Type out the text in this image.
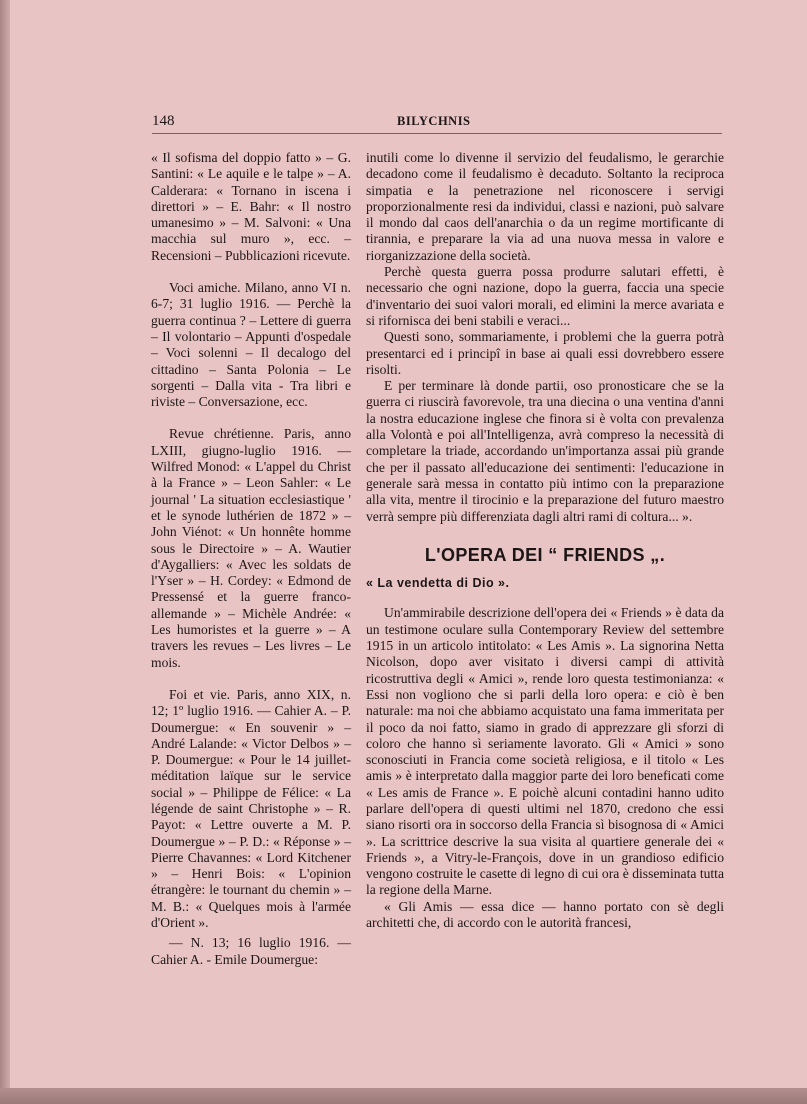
148	BILYCHNIS

« Il sofisma del doppio fatto » – G. Santini: « Le aquile e le talpe » – A. Calderara: « Tornano in iscena i direttori » – E. Bahr: « Il nostro umanesimo » – M. Salvoni: « Una macchia sul muro », ecc. – Recensioni – Pubblicazioni ricevute.

Voci amiche. Milano, anno VI n. 6-7; 31 luglio 1916. — Perchè la guerra continua ? – Lettere di guerra – Il volontario – Appunti d'ospedale – Voci solenni – Il decalogo del cittadino – Santa Polonia – Le sorgenti – Dalla vita - Tra libri e riviste – Conversazione, ecc.

Revue chrétienne. Paris, anno LXIII, giugno-luglio 1916. — Wilfred Monod: « L'appel du Christ à la France » – Leon Sahler: « Le journal ' La situation ecclesiastique ' et le synode luthérien de 1872 » – John Viénot: « Un honnête homme sous le Directoire » – A. Wautier d'Aygalliers: « Avec les soldats de l'Yser » – H. Cordey: « Edmond de Pressensé et la guerre franco-allemande » – Michèle Andrée: « Les humoristes et la guerre » – A travers les revues – Les livres – Le mois.

Foi et vie. Paris, anno XIX, n. 12; 1º luglio 1916. — Cahier A. – P. Doumergue: « En souvenir » – André Lalande: « Victor Delbos » – P. Doumergue: « Pour le 14 juillet-méditation laïque sur le service social » – Philippe de Félice: « La légende de saint Christophe » – R. Payot: « Lettre ouverte a M. P. Doumergue » – P. D.: « Réponse » – Pierre Chavannes: « Lord Kitchener » – Henri Bois: « L'opinion étrangère: le tournant du chemin » – M. B.: « Quelques mois à l'armée d'Orient ».

— N. 13; 16 luglio 1916. — Cahier A. - Emile Doumergue:

inutili come lo divenne il servizio del feudalismo, le gerarchie decadono come il feudalismo è decaduto. Soltanto la reciproca simpatia e la penetrazione nel riconoscere i servigi proporzionalmente resi da individui, classi e nazioni, può salvare il mondo dal caos dell'anarchia o da un regime mortificante di tirannia, e preparare la via ad una nuova messa in valore e riorganizzazione della società.

Perchè questa guerra possa produrre salutari effetti, è necessario che ogni nazione, dopo la guerra, faccia una specie d'inventario dei suoi valori morali, ed elimini la merce avariata e si rifornisca dei beni stabili e veraci...

Questi sono, sommariamente, i problemi che la guerra potrà presentarci ed i principî in base ai quali essi dovrebbero essere risolti.

E per terminare là donde partii, oso pronosticare che se la guerra ci riuscirà favorevole, tra una diecina o una ventina d'anni la nostra educazione inglese che finora si è volta con prevalenza alla Volontà e poi all'Intelligenza, avrà compreso la necessità di completare la triade, accordando un'importanza assai più grande che per il passato all'educazione dei sentimenti: l'educazione in generale sarà messa in contatto più intimo con la preparazione alla vita, mentre il tirocinio e la preparazione del futuro maestro verrà sempre più differenziata dagli altri rami di coltura... ».

L'OPERA DEI “ FRIENDS „.

« La vendetta di Dio ».

Un'ammirabile descrizione dell'opera dei « Friends » è data da un testimone oculare sulla Contemporary Review del settembre 1915 in un articolo intitolato: « Les Amis ». La signorina Netta Nicolson, dopo aver visitato i diversi campi di attività ricostruttiva degli « Amici », rende loro questa testimonianza: « Essi non vogliono che si parli della loro opera: e ciò è ben naturale: ma noi che abbiamo acquistato una fama immeritata per il poco da noi fatto, siamo in grado di apprezzare gli sforzi di coloro che hanno sì seriamente lavorato. Gli « Amici » sono sconosciuti in Francia come società religiosa, e il titolo « Les amis » è interpretato dalla maggior parte dei loro beneficati come « Les amis de France ». E poichè alcuni contadini hanno udito parlare dell'opera di questi ultimi nel 1870, credono che essi siano risorti ora in soccorso della Francia sì bisognosa di « Amici ». La scrittrice descrive la sua visita al quartiere generale dei « Friends », a Vitry-le-François, dove in un grandioso edificio vengono costruite le casette di legno di cui ora è disseminata tutta la regione della Marne.

« Gli Amis — essa dice — hanno portato con sè degli architetti che, di accordo con le autorità francesi,
